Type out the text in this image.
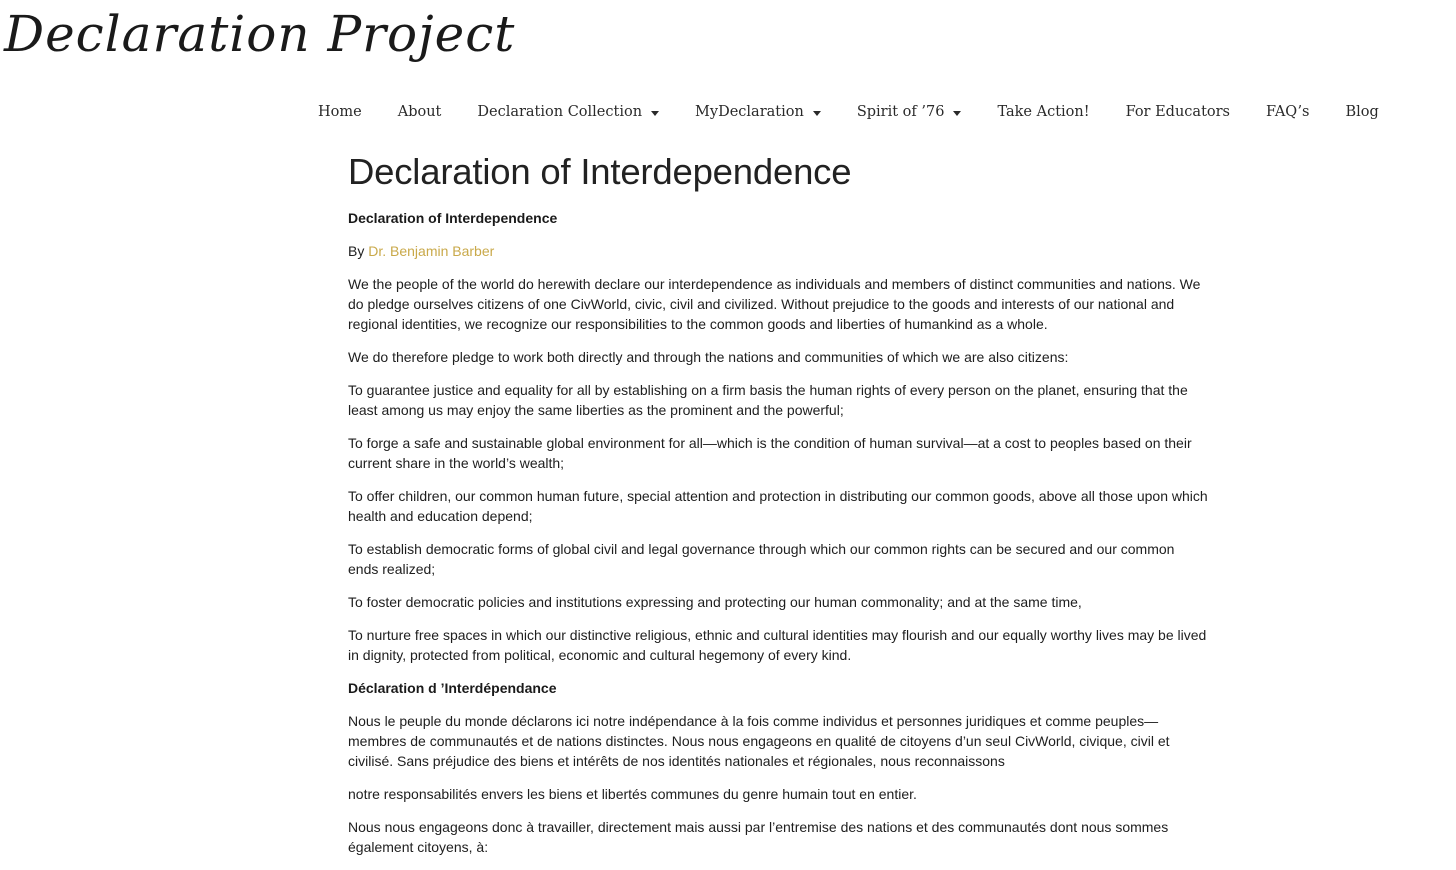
Declaration Project
Home About Declaration Collection	MyDeclaration	Spirit of ’76	Take Action! For Educators FAQ’s Blog
Declaration of Interdependence
Declaration of Interdependence

By Dr. Benjamin Barber

We the people of the world do herewith declare our interdependence as individuals and members of distinct communities and nations. We do pledge ourselves citizens of one CivWorld, civic, civil and civilized. Without prejudice to the goods and interests of our national and regional identities, we recognize our responsibilities to the common goods and liberties of humankind as a whole.

We do therefore pledge to work both directly and through the nations and communities of which we are also citizens:

To guarantee justice and equality for all by establishing on a firm basis the human rights of every person on the planet, ensuring that the least among us may enjoy the same liberties as the prominent and the powerful;

To forge a safe and sustainable global environment for all—which is the condition of human survival—at a cost to peoples based on their current share in the world’s wealth;

To offer children, our common human future, special attention and protection in distributing our common goods, above all those upon which health and education depend;

To establish democratic forms of global civil and legal governance through which our common rights can be secured and our common ends realized;

To foster democratic policies and institutions expressing and protecting our human commonality; and at the same time,

To nurture free spaces in which our distinctive religious, ethnic and cultural identities may flourish and our equally worthy lives may be lived in dignity, protected from political, economic and cultural hegemony of every kind.

Déclaration d ’Interdépendance

Nous le peuple du monde déclarons ici notre indépendance à la fois comme individus et personnes juridiques et comme peuples—membres de communautés et de nations distinctes. Nous nous engageons en qualité de citoyens d’un seul CivWorld, civique, civil et civilisé. Sans préjudice des biens et intérêts de nos identités nationales et régionales, nous reconnaissons

notre responsabilités envers les biens et libertés communes du genre humain tout en entier.

Nous nous engageons donc à travailler, directement mais aussi par l’entremise des nations et des communautés dont nous sommes également citoyens, à:
